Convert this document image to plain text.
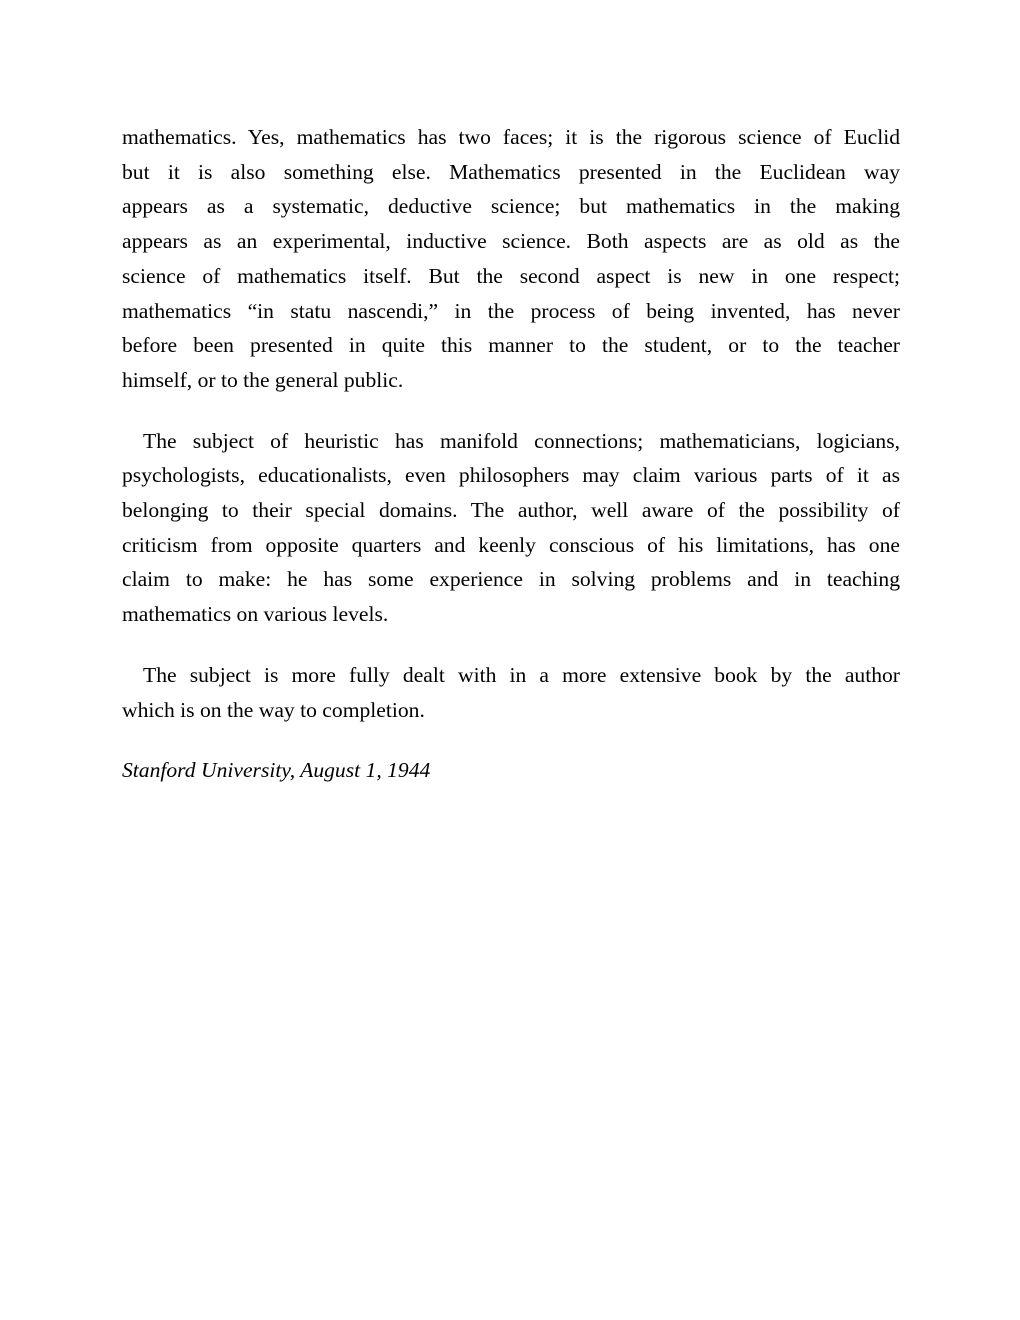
mathematics. Yes, mathematics has two faces; it is the rigorous science of Euclid
but it is also something else. Mathematics presented in the Euclidean way
appears as a systematic, deductive science; but mathematics in the making
appears as an experimental, inductive science. Both aspects are as old as the
science of mathematics itself. But the second aspect is new in one respect;
mathematics “in statu nascendi,” in the process of being invented, has never
before been presented in quite this manner to the student, or to the teacher
himself, or to the general public.
The subject of heuristic has manifold connections; mathematicians, logicians,
psychologists, educationalists, even philosophers may claim various parts of it as
belonging to their special domains. The author, well aware of the possibility of
criticism from opposite quarters and keenly conscious of his limitations, has one
claim to make: he has some experience in solving problems and in teaching
mathematics on various levels.
The subject is more fully dealt with in a more extensive book by the author
which is on the way to completion.
Stanford University, August 1, 1944
